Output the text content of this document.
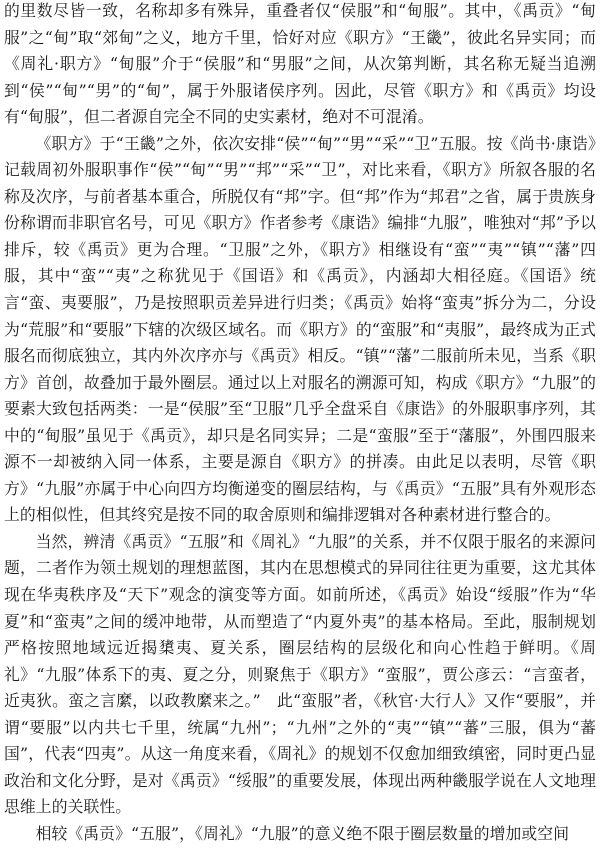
的里数尽皆一致，名称却多有殊异，重叠者仅“侯服”和“甸服”。其中，《禹贡》“甸服”之“甸”取“郊甸”之义，地方千里，恰好对应《职方》“王畿”，彼此名异实同；而《周礼·职方》“甸服”介于“侯服”和“男服”之间，从次第判断，其名称无疑当追溯到“侯”“甸”“男”的“甸”，属于外服诸侯序列。因此，尽管《职方》和《禹贡》均设有“甸服”，但二者源自完全不同的史实素材，绝对不可混淆。

《职方》于“王畿”之外，依次安排“侯”“甸”“男”“采”“卫”五服。按《尚书·康诰》记载周初外服职事作“侯”“甸”“男”“邦”“采”“卫”，对比来看，《职方》所叙各服的名称及次序，与前者基本重合，所脱仅有“邦”字。但“邦”作为“邦君”之省，属于贵族身份称谓而非职官名号，可见《职方》作者参考《康诰》编排“九服”，唯独对“邦”予以排斥，较《禹贡》更为合理。“卫服”之外，《职方》相继设有“蛮”“夷”“镇”“藩”四服，其中“蛮”“夷”之称犹见于《国语》和《禹贡》，内涵却大相径庭。《国语》统言“蛮、夷要服”，乃是按照职贡差异进行归类；《禹贡》始将“蛮夷”拆分为二，分设为“荒服”和“要服”下辖的次级区域名。而《职方》的“蛮服”和“夷服”，最终成为正式服名而彻底独立，其内外次序亦与《禹贡》相反。“镇”“藩”二服前所未见，当系《职方》首创，故叠加于最外圈层。通过以上对服名的溯源可知，构成《职方》“九服”的要素大致包括两类：一是“侯服”至“卫服”几乎全盘采自《康诰》的外服职事序列，其中的“甸服”虽见于《禹贡》，却只是名同实异；二是“蛮服”至于“藩服”，外围四服来源不一却被纳入同一体系，主要是源自《职方》的拼凑。由此足以表明，尽管《职方》“九服”亦属于中心向四方均衡递变的圈层结构，与《禹贡》“五服”具有外观形态上的相似性，但其终究是按不同的取舍原则和编排逻辑对各种素材进行整合的。

当然，辨清《禹贡》“五服”和《周礼》“九服”的关系，并不仅限于服名的来源问题，二者作为领土规划的理想蓝图，其内在思想模式的异同往往更为重要，这尤其体现在华夷秩序及“天下”观念的演变等方面。如前所述，《禹贡》始设“绥服”作为“华夏”和“蛮夷”之间的缓冲地带，从而塑造了“内夏外夷”的基本格局。至此，服制规划严格按照地域远近揭橥夷、夏关系，圈层结构的层级化和向心性趋于鲜明。《周礼》“九服”体系下的夷、夏之分，则聚焦于《职方》“蛮服”，贾公彦云：“言蛮者，近夷狄。蛮之言縻，以政教縻来之。”　此“蛮服”者，《秋官·大行人》又作“要服”，并谓“要服”以内共七千里，统属“九州”；“九州”之外的“夷”“镇”“蕃”三服，俱为“蕃国”，代表“四夷”。从这一角度来看，《周礼》的规划不仅愈加细致缜密，同时更凸显政治和文化分野，是对《禹贡》“绥服”的重要发展，体现出两种畿服学说在人文地理思维上的关联性。

相较《禹贡》“五服”，《周礼》“九服”的意义绝不限于圈层数量的增加或空间
